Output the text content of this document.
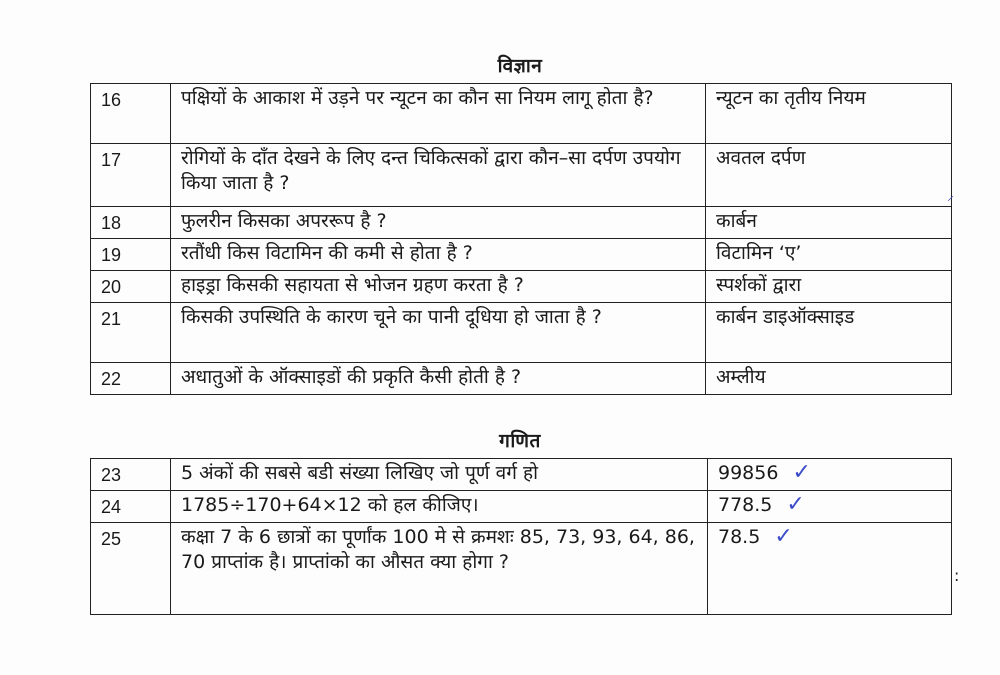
विज्ञान
16	पक्षियों के आकाश में उड़ने पर न्यूटन का कौन सा नियम लागू होता है?	न्यूटन का तृतीय नियम
17	रोगियों के दाँत देखने के लिए दन्त चिकित्सकों द्वारा कौन–सा दर्पण उपयोग किया जाता है ?	अवतल दर्पण
18	फुलरीन किसका अपररूप है ?	कार्बन
19	रतौंधी किस विटामिन की कमी से होता है ?	विटामिन ‘ए’
20	हाइड्रा किसकी सहायता से भोजन ग्रहण करता है ?	स्पर्शकों द्वारा
21	किसकी उपस्थिति के कारण चूने का पानी दूधिया हो जाता है ?	कार्बन डाइऑक्साइड
22	अधातुओं के ऑक्साइडों की प्रकृति कैसी होती है ?	अम्लीय
गणित
23	5 अंकों की सबसे बडी संख्या लिखिए जो पूर्ण वर्ग हो	99856 ✓
24	1785÷170+64×12 को हल कीजिए।	778.5 ✓
25	कक्षा 7 के 6 छात्रों का पूर्णांक 100 मे से क्रमशः 85, 73, 93, 64, 86, 70 प्राप्तांक है। प्राप्तांको का औसत क्या होगा ?	78.5 ✓
⸝
:
